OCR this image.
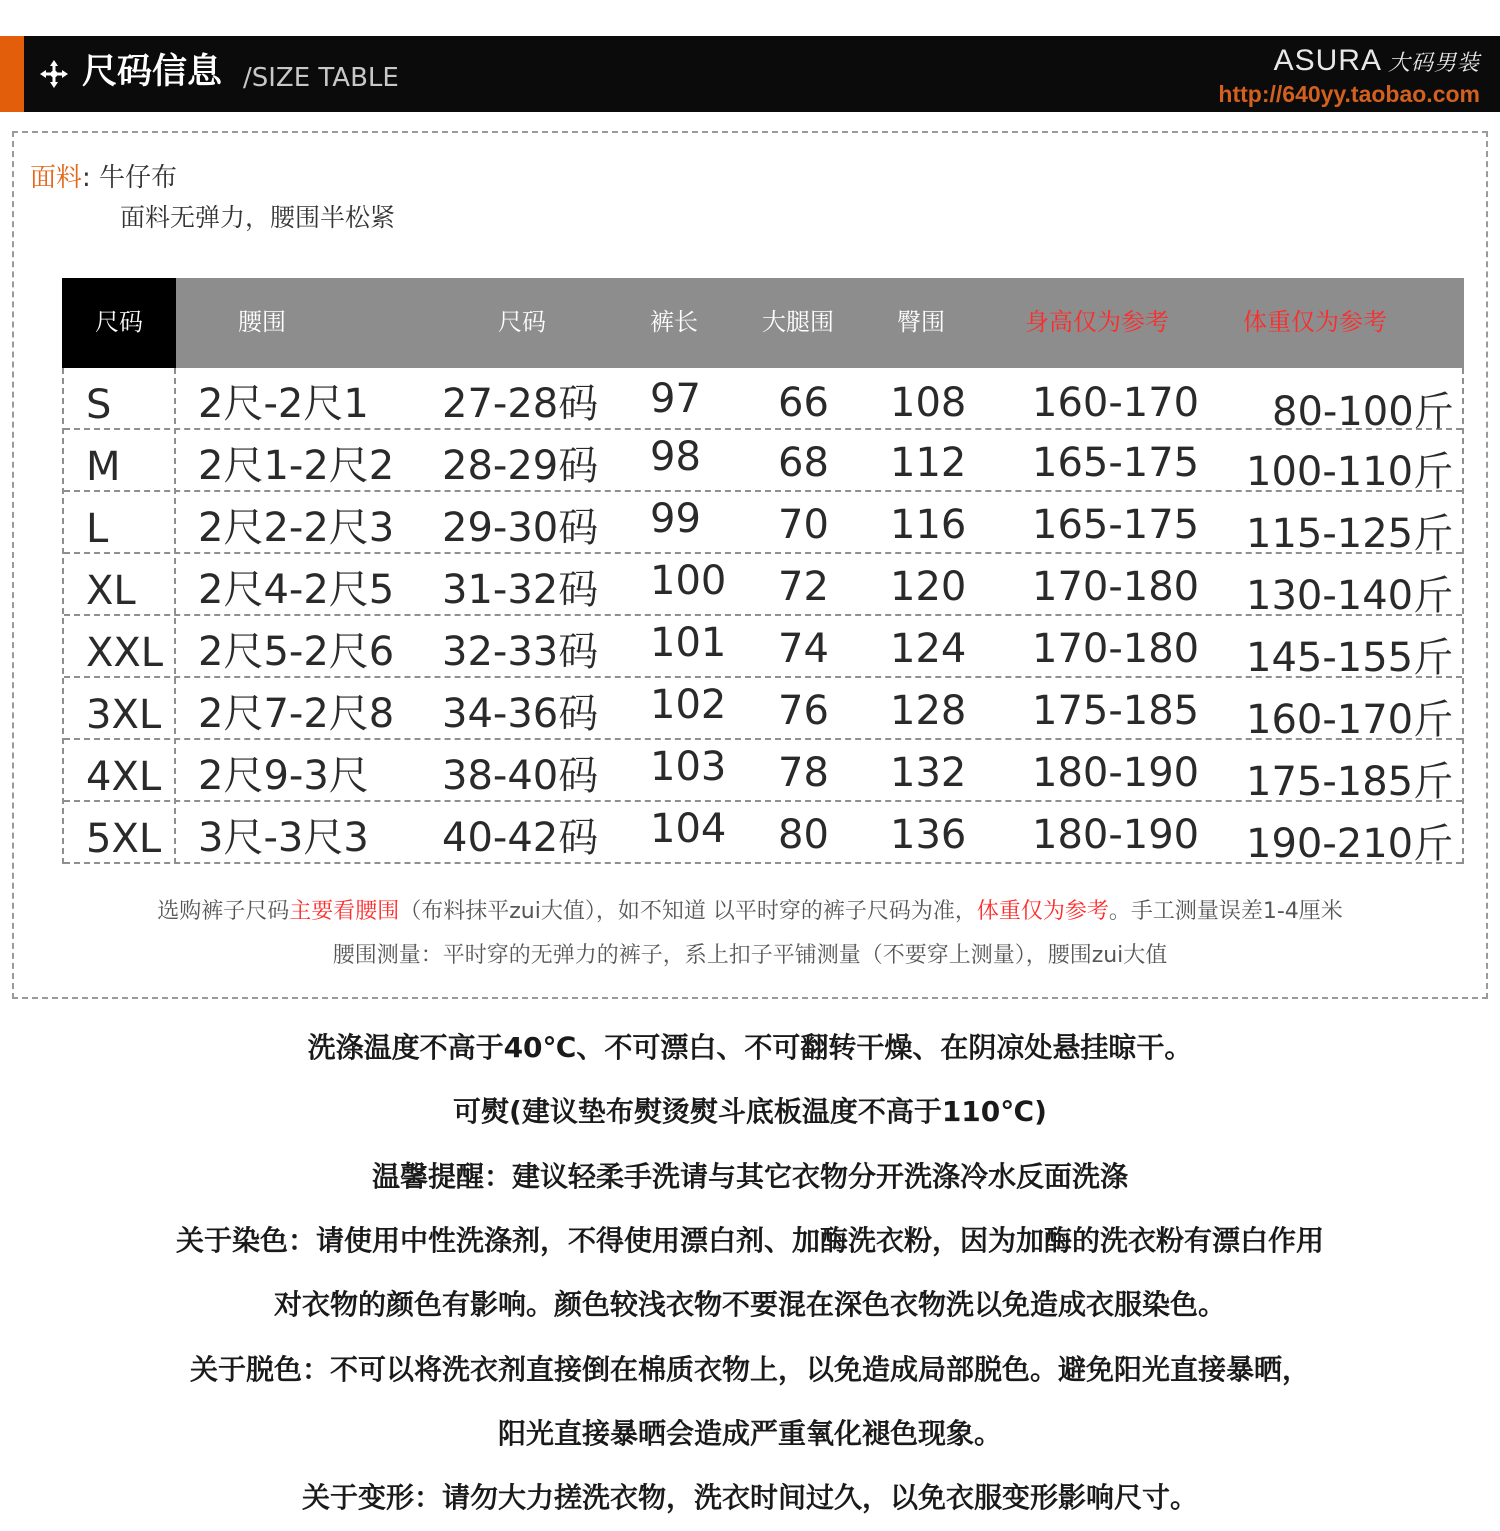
尺码信息 /SIZE TABLE
ASURA 大码男装
http://640yy.taobao.com
面料: 牛仔布
面料无弹力，腰围半松紧
尺码	腰围	尺码	裤长	大腿围	臀围	身高仅为参考	体重仅为参考
S	2尺-2尺1 27-28码 97 66 108 160-170 80-100斤
M	2尺1-2尺2 28-29码 98 68 112 165-175 100-110斤
L	2尺2-2尺3 29-30码 99 70 116 165-175 115-125斤
XL	2尺4-2尺5 31-32码 100 72 120 170-180 130-140斤
XXL 2尺5-2尺6 32-33码 101 74 124 170-180 145-155斤
3XL 2尺7-2尺8 34-36码 102 76 128 175-185 160-170斤
4XL 2尺9-3尺 38-40码 103 78 132 180-190 175-185斤
5XL 3尺-3尺3 40-42码 104 80 136 180-190 190-210斤
选购裤子尺码主要看腰围（布料抹平zui大值），如不知道 以平时穿的裤子尺码为准，体重仅为参考。手工测量误差1-4厘米
腰围测量：平时穿的无弹力的裤子，系上扣子平铺测量（不要穿上测量），腰围zui大值
洗涤温度不高于40℃、不可漂白、不可翻转干燥、在阴凉处悬挂晾干。
可熨(建议垫布熨烫熨斗底板温度不高于110℃)
温馨提醒：建议轻柔手洗请与其它衣物分开洗涤冷水反面洗涤
关于染色：请使用中性洗涤剂，不得使用漂白剂、加酶洗衣粉，因为加酶的洗衣粉有漂白作用
对衣物的颜色有影响。颜色较浅衣物不要混在深色衣物洗以免造成衣服染色。
关于脱色：不可以将洗衣剂直接倒在棉质衣物上，以免造成局部脱色。避免阳光直接暴晒，
阳光直接暴晒会造成严重氧化褪色现象。
关于变形：请勿大力搓洗衣物，洗衣时间过久，以免衣服变形影响尺寸。
